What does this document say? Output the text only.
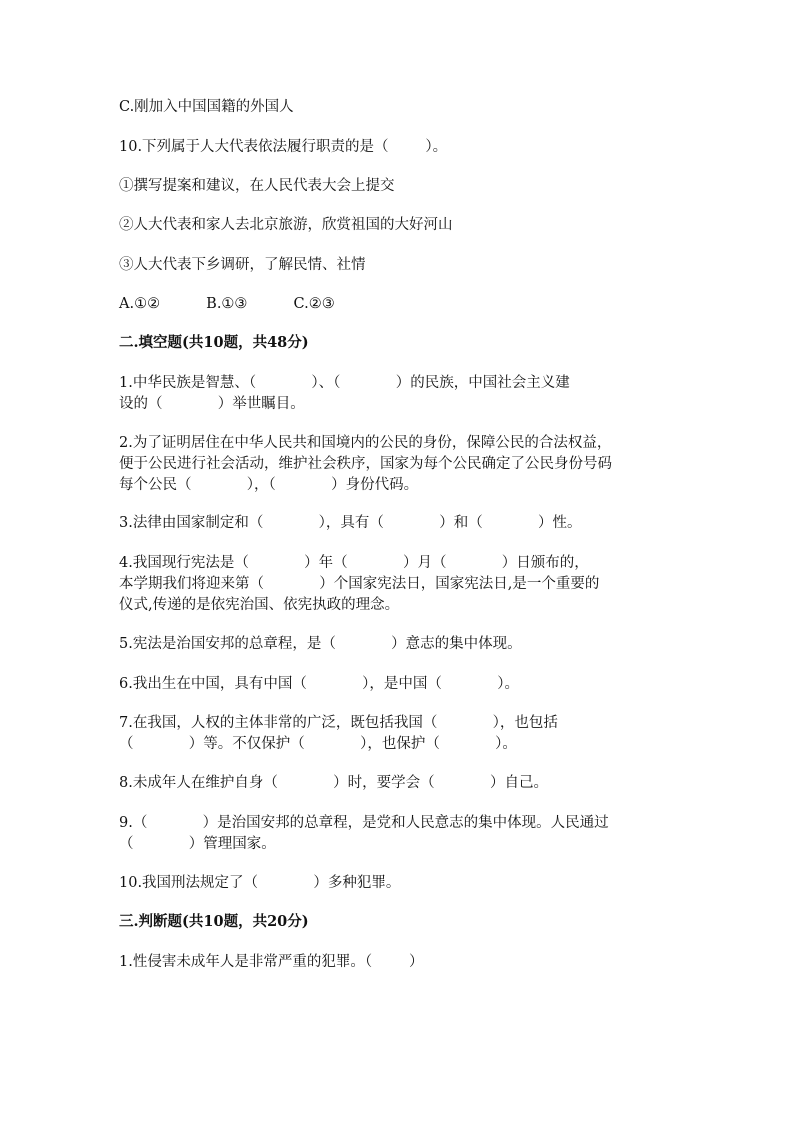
C.刚加入中国国籍的外国人
10.下列属于人大代表依法履行职责的是（        ）。
①撰写提案和建议，在人民代表大会上提交
②人大代表和家人去北京旅游，欣赏祖国的大好河山
③人大代表下乡调研，了解民情、社情
A.①②          B.①③          C.②③
二.填空题(共10题，共48分)
1.中华民族是智慧、（            ）、（            ）的民族，中国社会主义建
设的（            ）举世瞩目。
2.为了证明居住在中华人民共和国境内的公民的身份，保障公民的合法权益，
便于公民进行社会活动，维护社会秩序，国家为每个公民确定了公民身份号码
每个公民（            ），（            ）身份代码。
3.法律由国家制定和（            ），具有（            ）和（            ）性。
4.我国现行宪法是（            ）年（            ）月（            ）日颁布的，
本学期我们将迎来第（            ）个国家宪法日，国家宪法日,是一个重要的
仪式,传递的是依宪治国、依宪执政的理念。
5.宪法是治国安邦的总章程，是（            ）意志的集中体现。
6.我出生在中国，具有中国（            ），是中国（            ）。
7.在我国，人权的主体非常的广泛，既包括我国（            ），也包括
（            ）等。不仅保护（            ），也保护（            ）。
8.未成年人在维护自身（            ）时，要学会（            ）自己。
9.（            ）是治国安邦的总章程，是党和人民意志的集中体现。人民通过
（            ）管理国家。
10.我国刑法规定了（            ）多种犯罪。
三.判断题(共10题，共20分)
1.性侵害未成年人是非常严重的犯罪。（        ）
